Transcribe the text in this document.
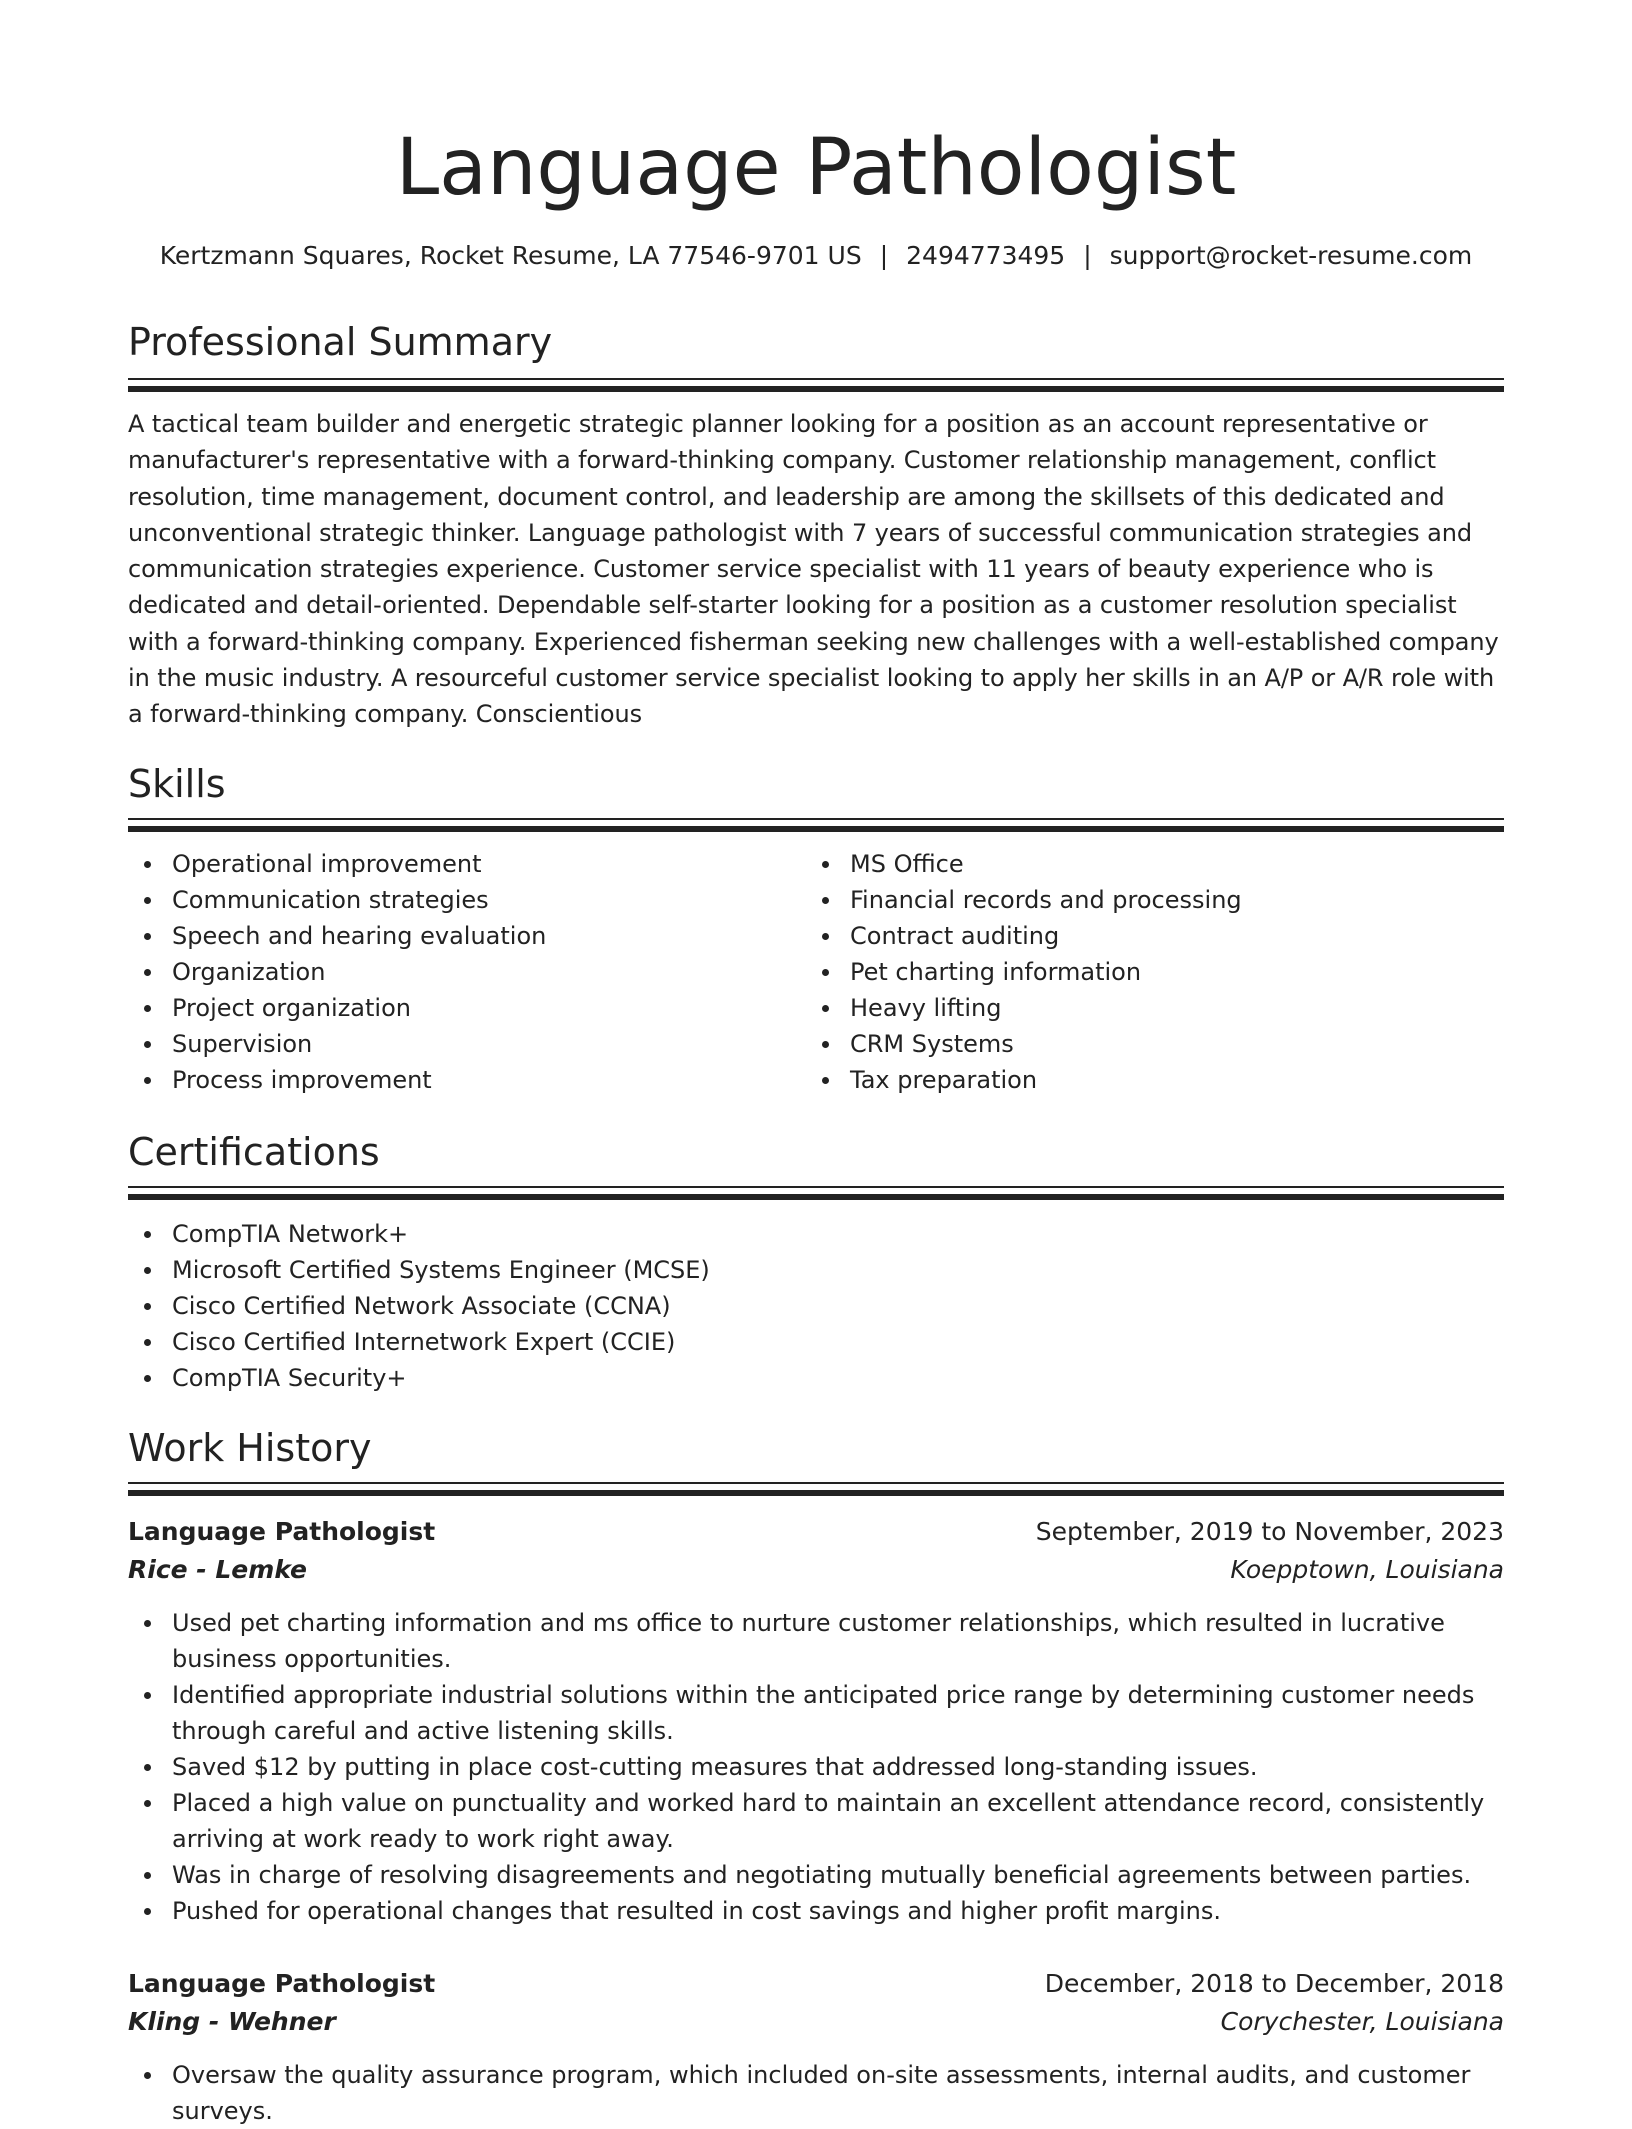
Language Pathologist
Kertzmann Squares, Rocket Resume, LA 77546-9701 US | 2494773495 | support@rocket-resume.com
Professional Summary

A tactical team builder and energetic strategic planner looking for a position as an account representative or manufacturer's representative with a forward-thinking company. Customer relationship management, conflict resolution, time management, document control, and leadership are among the skillsets of this dedicated and unconventional strategic thinker. Language pathologist with 7 years of successful communication strategies and communication strategies experience. Customer service specialist with 11 years of beauty experience who is dedicated and detail-oriented. Dependable self-starter looking for a position as a customer resolution specialist with a forward-thinking company. Experienced fisherman seeking new challenges with a well-established company in the music industry. A resourceful customer service specialist looking to apply her skills in an A/P or A/R role with a forward-thinking company. Conscientious

Skills
Operational improvement
Communication strategies
Speech and hearing evaluation
Organization
Project organization
Supervision
Process improvement
MS Office
Financial records and processing
Contract auditing
Pet charting information
Heavy lifting
CRM Systems
Tax preparation
Certifications
CompTIA Network+
Microsoft Certified Systems Engineer (MCSE)
Cisco Certified Network Associate (CCNA)
Cisco Certified Internetwork Expert (CCIE)
CompTIA Security+
Work History
Language Pathologist	September, 2019 to November, 2023
Rice - Lemke	Koepptown, Louisiana
Used pet charting information and ms office to nurture customer relationships, which resulted in lucrative business opportunities.
Identified appropriate industrial solutions within the anticipated price range by determining customer needs through careful and active listening skills.
Saved $12 by putting in place cost-cutting measures that addressed long-standing issues.
Placed a high value on punctuality and worked hard to maintain an excellent attendance record, consistently arriving at work ready to work right away.
Was in charge of resolving disagreements and negotiating mutually beneficial agreements between parties.
Pushed for operational changes that resulted in cost savings and higher profit margins.
Language Pathologist	December, 2018 to December, 2018
Kling - Wehner	Corychester, Louisiana
Oversaw the quality assurance program, which included on-site assessments, internal audits, and customer surveys.
